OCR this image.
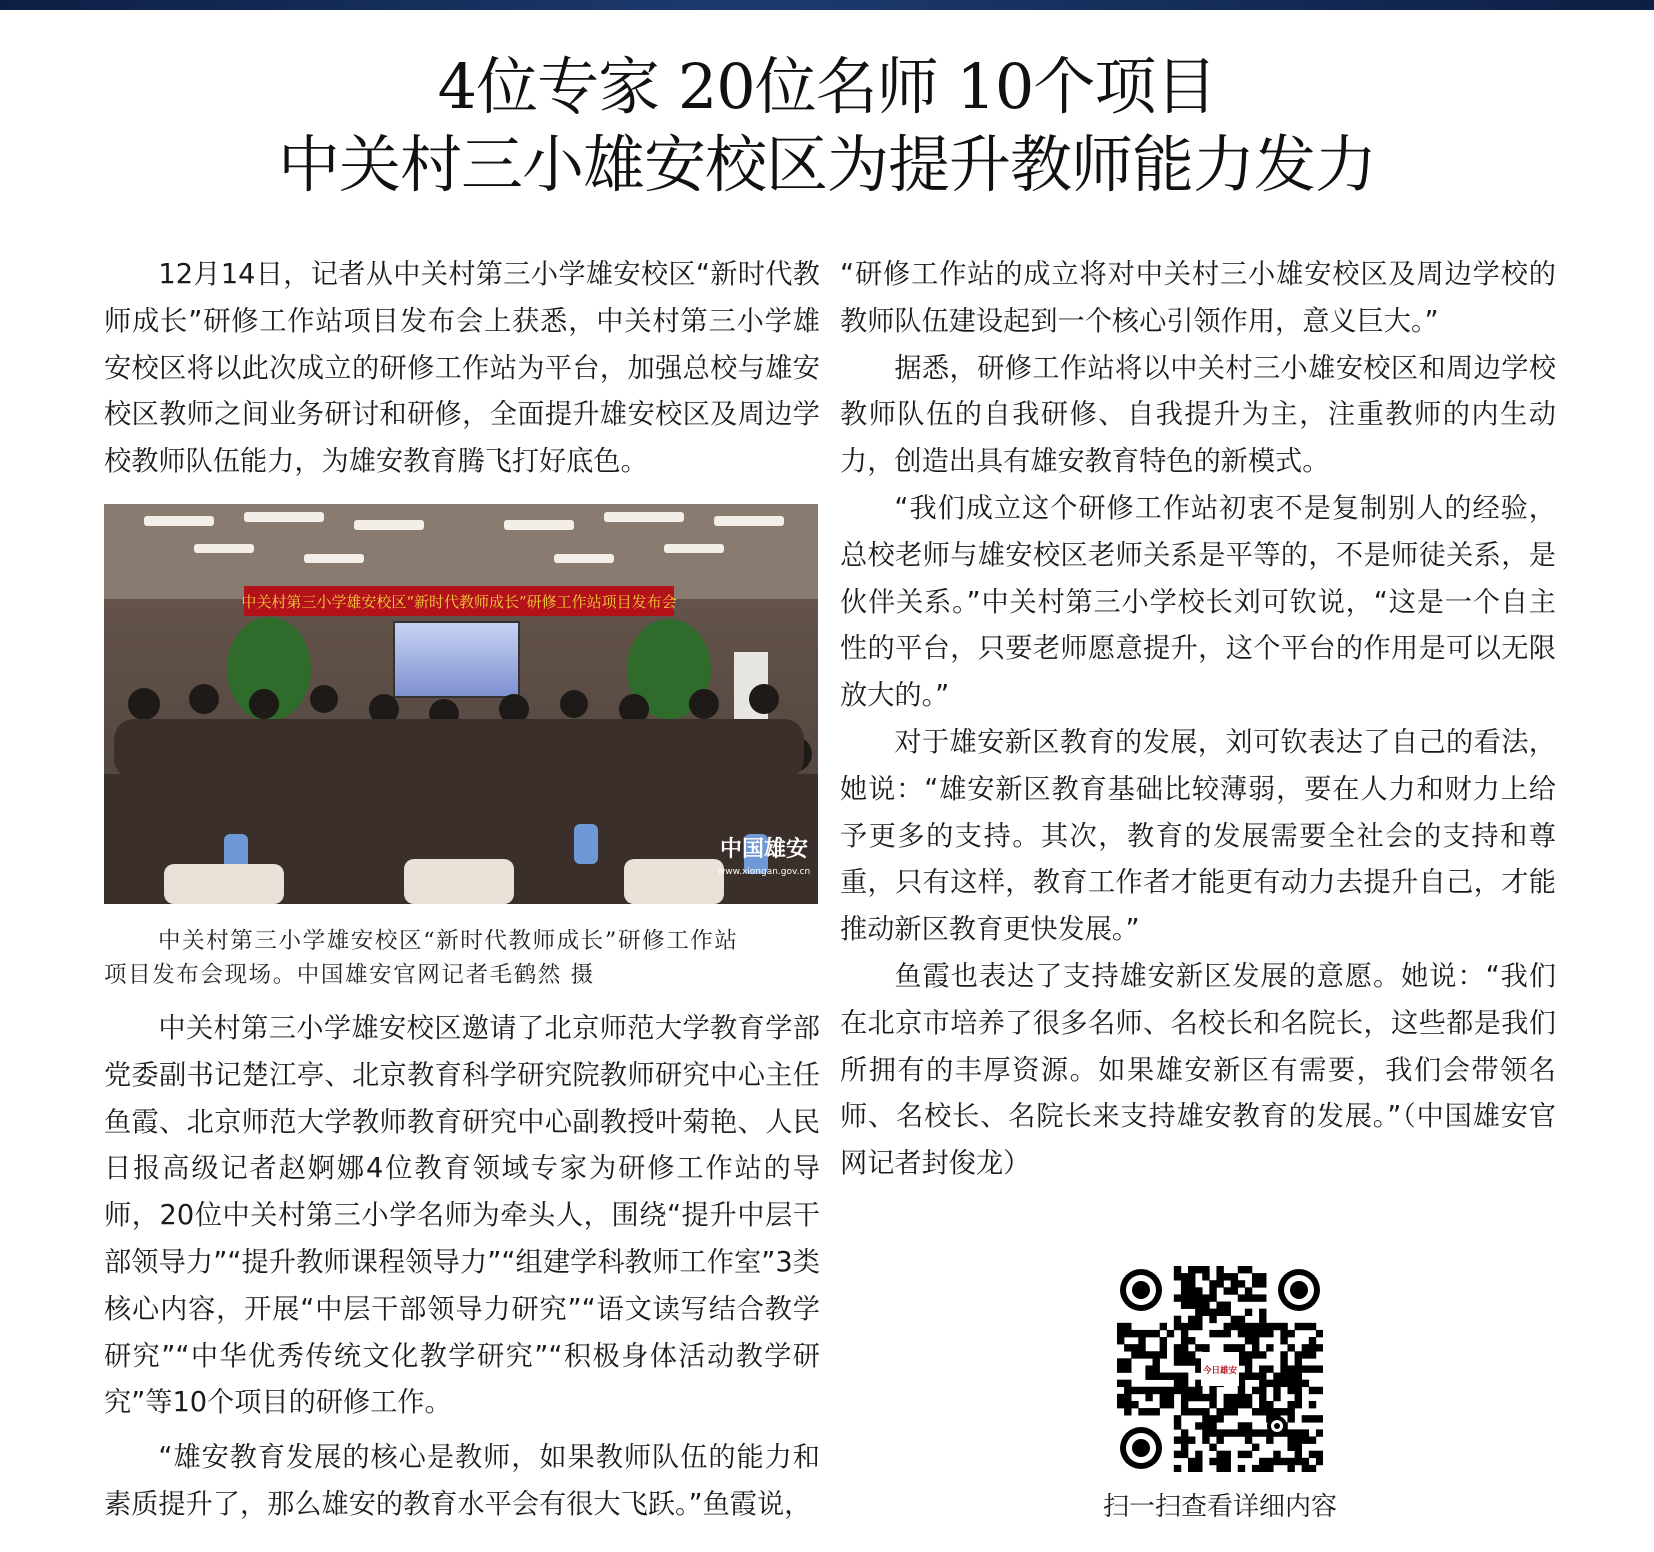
4位专家 20位名师 10个项目
中关村三小雄安校区为提升教师能力发力

12月14日，记者从中关村第三小学雄安校区“新时代教师成长”研修工作站项目发布会上获悉，中关村第三小学雄安校区将以此次成立的研修工作站为平台，加强总校与雄安校区教师之间业务研讨和研修，全面提升雄安校区及周边学校教师队伍能力，为雄安教育腾飞打好底色。

中关村第三小学雄安校区“新时代教师成长”研修工作站项目发布会
中国雄安
www.xiongan.gov.cn
中关村第三小学雄安校区“新时代教师成长”研修工作站
项目发布会现场。中国雄安官网记者毛鹤然 摄

中关村第三小学雄安校区邀请了北京师范大学教育学部党委副书记楚江亭、北京教育科学研究院教师研究中心主任鱼霞、北京师范大学教师教育研究中心副教授叶菊艳、人民日报高级记者赵婀娜4位教育领域专家为研修工作站的导师，20位中关村第三小学名师为牵头人，围绕“提升中层干部领导力”“提升教师课程领导力”“组建学科教师工作室”3类核心内容，开展“中层干部领导力研究”“语文读写结合教学研究”“中华优秀传统文化教学研究”“积极身体活动教学研究”等10个项目的研修工作。

“雄安教育发展的核心是教师，如果教师队伍的能力和素质提升了，那么雄安的教育水平会有很大飞跃。”鱼霞说，

“研修工作站的成立将对中关村三小雄安校区及周边学校的教师队伍建设起到一个核心引领作用，意义巨大。”

据悉，研修工作站将以中关村三小雄安校区和周边学校教师队伍的自我研修、自我提升为主，注重教师的内生动力，创造出具有雄安教育特色的新模式。

“我们成立这个研修工作站初衷不是复制别人的经验，总校老师与雄安校区老师关系是平等的，不是师徒关系，是伙伴关系。”中关村第三小学校长刘可钦说，“这是一个自主性的平台，只要老师愿意提升，这个平台的作用是可以无限放大的。”

对于雄安新区教育的发展，刘可钦表达了自己的看法，她说：“雄安新区教育基础比较薄弱，要在人力和财力上给予更多的支持。其次，教育的发展需要全社会的支持和尊重，只有这样，教育工作者才能更有动力去提升自己，才能推动新区教育更快发展。”

鱼霞也表达了支持雄安新区发展的意愿。她说：“我们在北京市培养了很多名师、名校长和名院长，这些都是我们所拥有的丰厚资源。如果雄安新区有需要，我们会带领名师、名校长、名院长来支持雄安教育的发展。”（中国雄安官网记者封俊龙）

今日雄安
扫一扫查看详细内容
